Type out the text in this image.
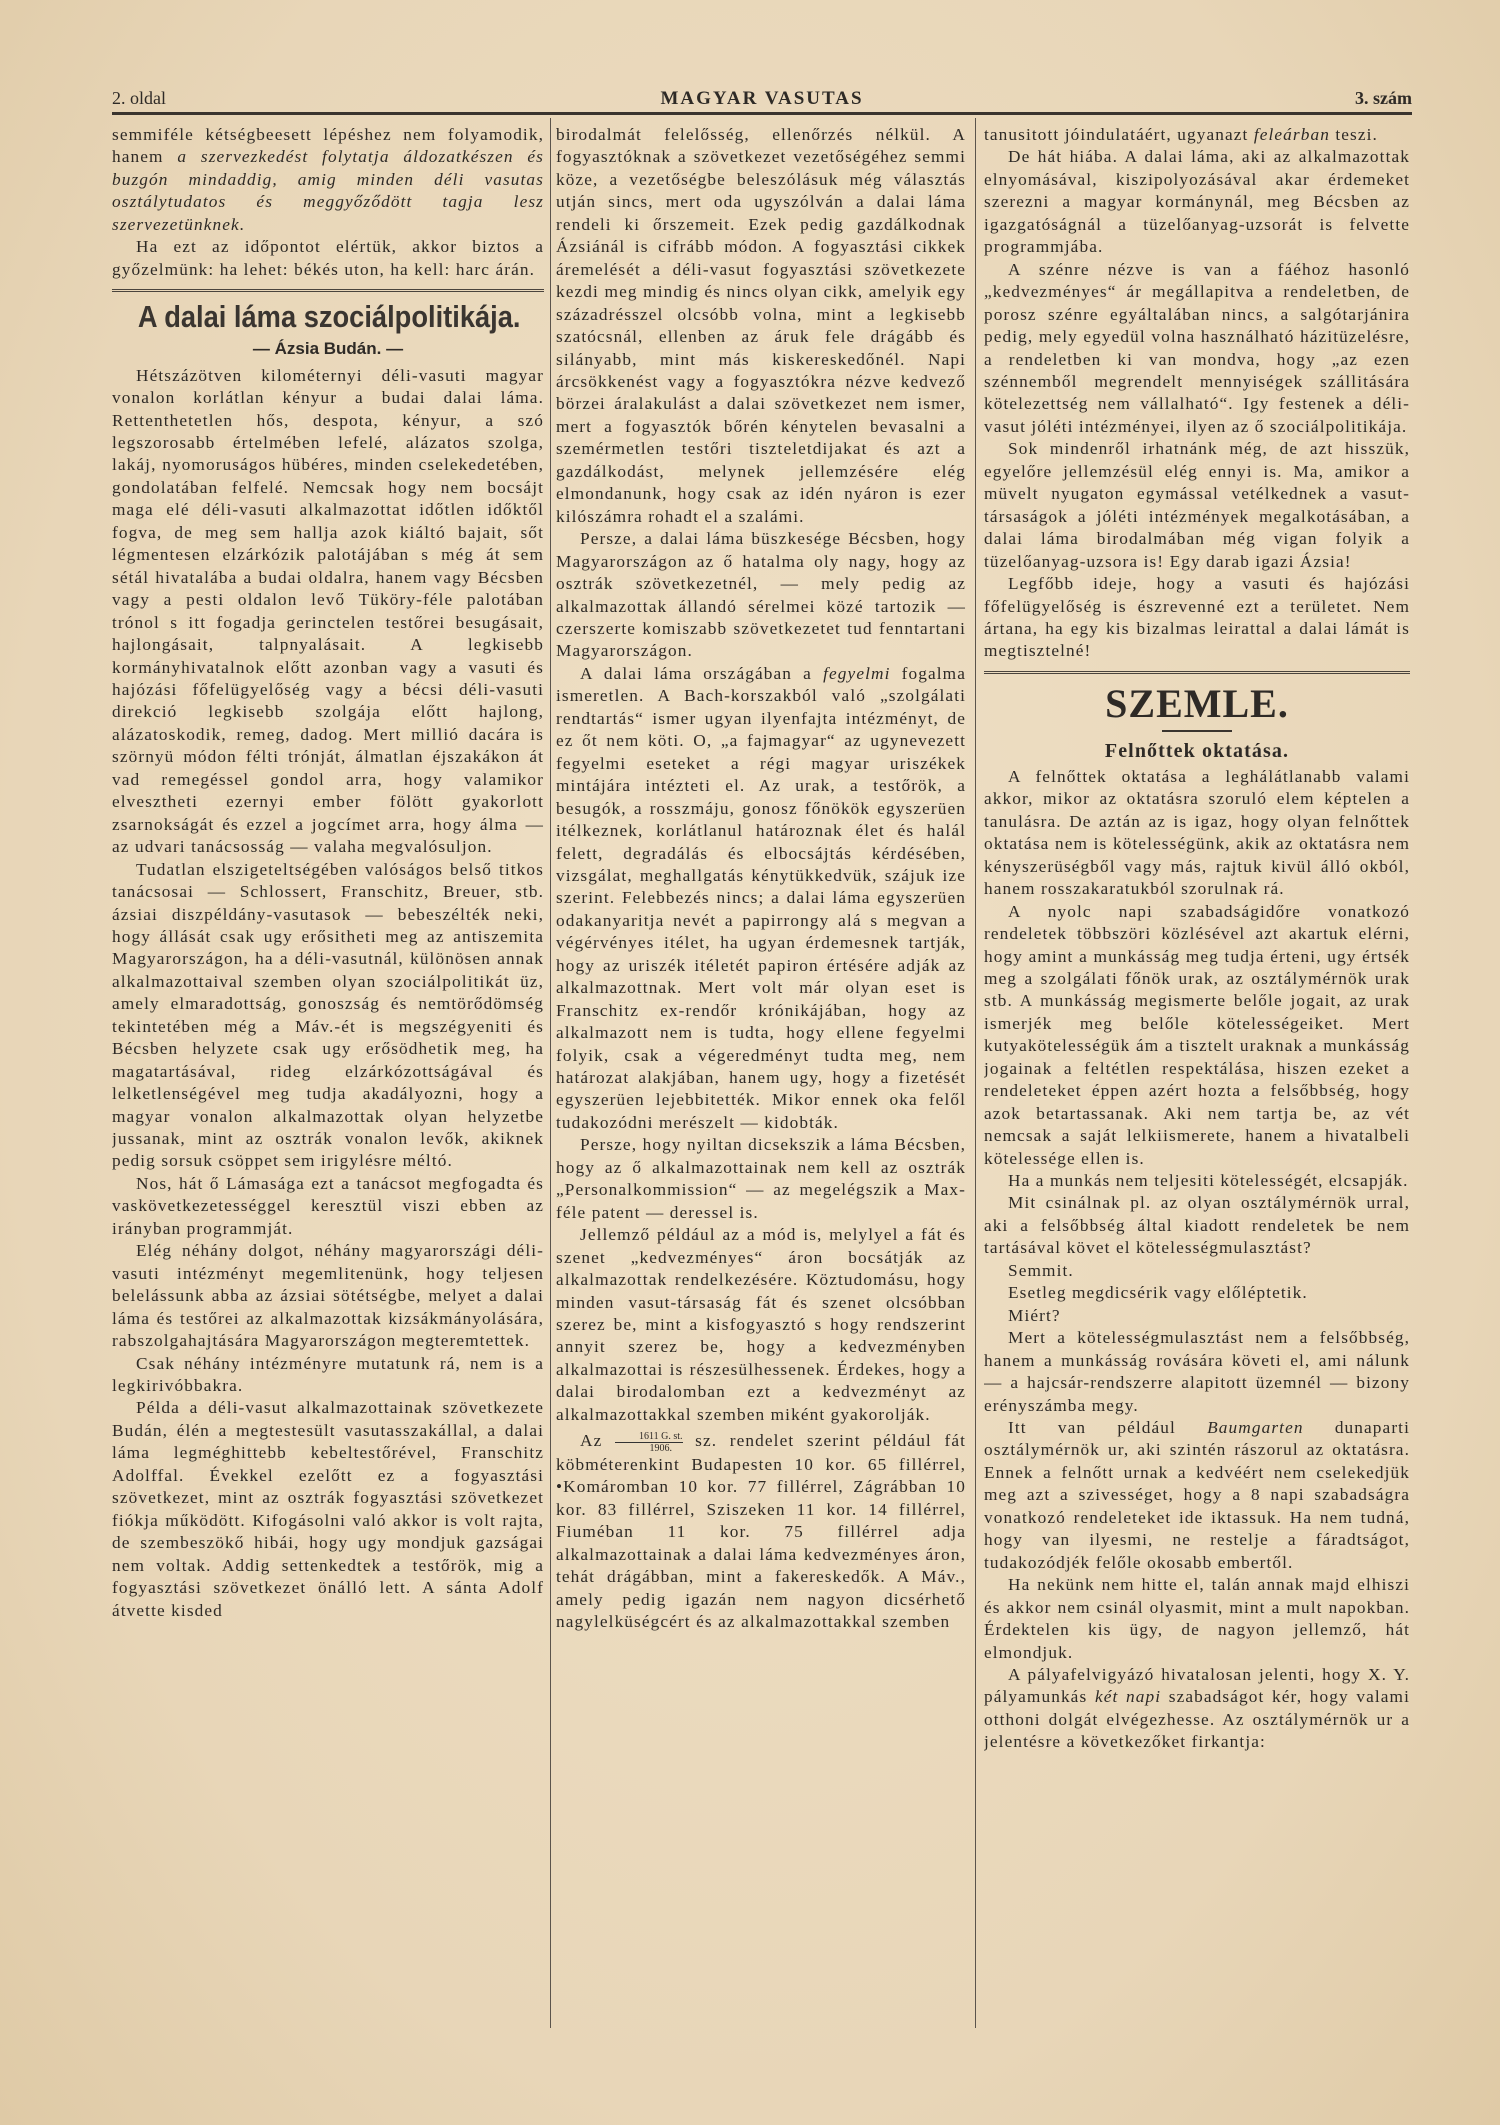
2. oldal	MAGYAR VASUTAS	3. szám

semmiféle kétségbeesett lépéshez nem folyamodik, hanem a szervezkedést folytatja áldozatkészen és buzgón mindaddig, amig minden déli vasutas osztálytudatos és meggyőződött tagja lesz szervezetünknek.

Ha ezt az időpontot elértük, akkor biztos a győzelmünk: ha lehet: békés uton, ha kell: harc árán.

A dalai láma szociálpolitikája.
— Ázsia Budán. —

Hétszázötven kilométernyi déli-vasuti magyar vonalon korlátlan kényur a budai dalai láma. Rettenthetetlen hős, despota, kényur, a szó legszorosabb értelmében lefelé, alázatos szolga, lakáj, nyomoruságos hübéres, minden cselekedetében, gondolatában felfelé. Nemcsak hogy nem bocsájt maga elé déli-vasuti alkalmazottat időtlen időktől fogva, de meg sem hallja azok kiáltó bajait, sőt légmentesen elzárkózik palotájában s még át sem sétál hivatalába a budai oldalra, hanem vagy Bécsben vagy a pesti oldalon levő Tüköry-féle palotában trónol s itt fogadja gerinctelen testőrei besugásait, hajlongásait, talpnyalásait. A legkisebb kormányhivatalnok előtt azonban vagy a vasuti és hajózási főfelügyelőség vagy a bécsi déli-vasuti direkció legkisebb szolgája előtt hajlong, alázatoskodik, remeg, dadog. Mert millió dacára is szörnyü módon félti trónját, álmatlan éjszakákon át vad remegéssel gondol arra, hogy valamikor elvesztheti ezernyi ember fölött gyakorlott zsarnokságát és ezzel a jogcímet arra, hogy álma — az udvari tanácsosság — valaha megvalósuljon.

Tudatlan elszigeteltségében valóságos belső titkos tanácsosai — Schlossert, Franschitz, Breuer, stb. ázsiai diszpéldány-vasutasok — bebeszélték neki, hogy állását csak ugy erősitheti meg az antiszemita Magyarországon, ha a déli-vasutnál, különösen annak alkalmazottaival szemben olyan szociálpolitikát üz, amely elmaradottság, gonoszság és nemtörődömség tekintetében még a Máv.-ét is megszégyeniti és Bécsben helyzete csak ugy erősödhetik meg, ha magatartásával, rideg elzárkózottságával és lelketlenségével meg tudja akadályozni, hogy a magyar vonalon alkalmazottak olyan helyzetbe jussanak, mint az osztrák vonalon levők, akiknek pedig sorsuk csöppet sem irigylésre méltó.

Nos, hát ő Lámasága ezt a tanácsot megfogadta és vaskövetkezetességgel keresztül viszi ebben az irányban programmját.

Elég néhány dolgot, néhány magyarországi déli-vasuti intézményt megemlitenünk, hogy teljesen belelássunk abba az ázsiai sötétségbe, melyet a dalai láma és testőrei az alkalmazottak kizsákmányolására, rabszolgahajtására Magyarországon megteremtettek.

Csak néhány intézményre mutatunk rá, nem is a legkirivóbbakra.

Példa a déli-vasut alkalmazottainak szövetkezete Budán, élén a megtestesült vasutasszakállal, a dalai láma legméghittebb kebeltestőrével, Franschitz Adolffal. Évekkel ezelőtt ez a fogyasztási szövetkezet, mint az osztrák fogyasztási szövetkezet fiókja működött. Kifogásolni való akkor is volt rajta, de szembeszökő hibái, hogy ugy mondjuk gazságai nem voltak. Addig settenkedtek a testőrök, mig a fogyasztási szövetkezet önálló lett. A sánta Adolf átvette kisded

birodalmát felelősség, ellenőrzés nélkül. A fogyasztóknak a szövetkezet vezetőségéhez semmi köze, a vezetőségbe beleszólásuk még választás utján sincs, mert oda ugyszólván a dalai láma rendeli ki őrszemeit. Ezek pedig gazdálkodnak Ázsiánál is cifrább módon. A fogyasztási cikkek áremelését a déli-vasut fogyasztási szövetkezete kezdi meg mindig és nincs olyan cikk, amelyik egy századrésszel olcsóbb volna, mint a legkisebb szatócsnál, ellenben az áruk fele drágább és silányabb, mint más kiskereskedőnél. Napi árcsökkenést vagy a fogyasztókra nézve kedvező börzei áralakulást a dalai szövetkezet nem ismer, mert a fogyasztók bőrén kénytelen bevasalni a szemérmetlen testőri tiszteletdijakat és azt a gazdálkodást, melynek jellemzésére elég elmondanunk, hogy csak az idén nyáron is ezer kilószámra rohadt el a szalámi.

Persze, a dalai láma büszkesége Bécsben, hogy Magyarországon az ő hatalma oly nagy, hogy az osztrák szövetkezetnél, — mely pedig az alkalmazottak állandó sérelmei közé tartozik — czerszerte komiszabb szövetkezetet tud fenntartani Magyarországon.

A dalai láma országában a fegyelmi fogalma ismeretlen. A Bach-korszakból való „szolgálati rendtartás“ ismer ugyan ilyenfajta intézményt, de ez őt nem köti. O, „a fajmagyar“ az ugynevezett fegyelmi eseteket a régi magyar uriszékek mintájára intézteti el. Az urak, a testőrök, a besugók, a rosszmáju, gonosz főnökök egyszerüen itélkeznek, korlátlanul határoznak élet és halál felett, degradálás és elbocsájtás kérdésében, vizsgálat, meghallgatás kénytükkedvük, szájuk ize szerint. Felebbezés nincs; a dalai láma egyszerüen odakanyaritja nevét a papirrongy alá s megvan a végérvényes itélet, ha ugyan érdemesnek tartják, hogy az uriszék itéletét papiron értésére adják az alkalmazottnak. Mert volt már olyan eset is Franschitz ex-rendőr krónikájában, hogy az alkalmazott nem is tudta, hogy ellene fegyelmi folyik, csak a végeredményt tudta meg, nem határozat alakjában, hanem ugy, hogy a fizetését egyszerüen lejebbitették. Mikor ennek oka felől tudakozódni merészelt — kidobták.

Persze, hogy nyiltan dicsekszik a láma Bécsben, hogy az ő alkalmazottainak nem kell az osztrák „Personalkommission“ — az megelégszik a Max-féle patent — deressel is.

Jellemző például az a mód is, melylyel a fát és szenet „kedvezményes“ áron bocsátják az alkalmazottak rendelkezésére. Köztudomásu, hogy minden vasut-társaság fát és szenet olcsóbban szerez be, mint a kisfogyasztó s hogy rendszerint annyit szerez be, hogy a kedvezményben alkalmazottai is részesülhessenek. Érdekes, hogy a dalai birodalomban ezt a kedvezményt az alkalmazottakkal szemben miként gyakorolják.

Az $\frac{1611 G. st.}{1906.}$ sz. rendelet szerint például fát köbméterenkint Budapesten 10 kor. 65 fillérrel, •Komáromban 10 kor. 77 fillérrel, Zágrábban 10 kor. 83 fillérrel, Sziszeken 11 kor. 14 fillérrel, Fiuméban 11 kor. 75 fillérrel adja alkalmazottainak a dalai láma kedvezményes áron, tehát drágábban, mint a fakereskedők. A Máv., amely pedig igazán nem nagyon dicsérhető nagylelküségcért és az alkalmazottakkal szemben

tanusitott jóindulatáért, ugyanazt feleárban teszi.

De hát hiába. A dalai láma, aki az alkalmazottak elnyomásával, kiszipolyozásával akar érdemeket szerezni a magyar kormánynál, meg Bécsben az igazgatóságnál a tüzelőanyag-uzsorát is felvette programmjába.

A szénre nézve is van a fáéhoz hasonló „kedvezményes“ ár megállapitva a rendeletben, de porosz szénre egyáltalában nincs, a salgótarjánira pedig, mely egyedül volna használható házitüzelésre, a rendeletben ki van mondva, hogy „az ezen szénnemből megrendelt mennyiségek szállitására kötelezettség nem vállalható“. Igy festenek a déli-vasut jóléti intézményei, ilyen az ő szociálpolitikája.

Sok mindenről irhatnánk még, de azt hisszük, egyelőre jellemzésül elég ennyi is. Ma, amikor a müvelt nyugaton egymással vetélkednek a vasut-társaságok a jóléti intézmények megalkotásában, a dalai láma birodalmában még vigan folyik a tüzelőanyag-uzsora is! Egy darab igazi Ázsia!

Legfőbb ideje, hogy a vasuti és hajózási főfelügyelőség is észrevenné ezt a területet. Nem ártana, ha egy kis bizalmas leirattal a dalai lámát is megtisztelné!

SZEMLE.
Felnőttek oktatása.

A felnőttek oktatása a leghálátlanabb valami akkor, mikor az oktatásra szoruló elem képtelen a tanulásra. De aztán az is igaz, hogy olyan felnőttek oktatása nem is kötelességünk, akik az oktatásra nem kényszerüségből vagy más, rajtuk kivül álló okból, hanem rosszakaratukból szorulnak rá.

A nyolc napi szabadságidőre vonatkozó rendeletek többszöri közlésével azt akartuk elérni, hogy amint a munkásság meg tudja érteni, ugy értsék meg a szolgálati főnök urak, az osztálymérnök urak stb. A munkásság megismerte belőle jogait, az urak ismerjék meg belőle kötelességeiket. Mert kutyakötelességük ám a tisztelt uraknak a munkásság jogainak a feltétlen respektálása, hiszen ezeket a rendeleteket éppen azért hozta a felsőbbség, hogy azok betartassanak. Aki nem tartja be, az vét nemcsak a saját lelkiismerete, hanem a hivatalbeli kötelessége ellen is.

Ha a munkás nem teljesiti kötelességét, elcsapják.

Mit csinálnak pl. az olyan osztálymérnök urral, aki a felsőbbség által kiadott rendeletek be nem tartásával követ el kötelességmulasztást?

Semmit.

Esetleg megdicsérik vagy előléptetik.

Miért?

Mert a kötelességmulasztást nem a felsőbbség, hanem a munkásság rovására követi el, ami nálunk — a hajcsár-rendszerre alapitott üzemnél — bizony erényszámba megy.

Itt van például Baumgarten dunaparti osztálymérnök ur, aki szintén rászorul az oktatásra. Ennek a felnőtt urnak a kedvéért nem cselekedjük meg azt a szivességet, hogy a 8 napi szabadságra vonatkozó rendeleteket ide iktassuk. Ha nem tudná, hogy van ilyesmi, ne restelje a fáradtságot, tudakozódjék felőle okosabb embertől.

Ha nekünk nem hitte el, talán annak majd elhiszi és akkor nem csinál olyasmit, mint a mult napokban. Érdektelen kis ügy, de nagyon jellemző, hát elmondjuk.

A pályafelvigyázó hivatalosan jelenti, hogy X. Y. pályamunkás két napi szabadságot kér, hogy valami otthoni dolgát elvégezhesse. Az osztálymérnök ur a jelentésre a következőket firkantja:
